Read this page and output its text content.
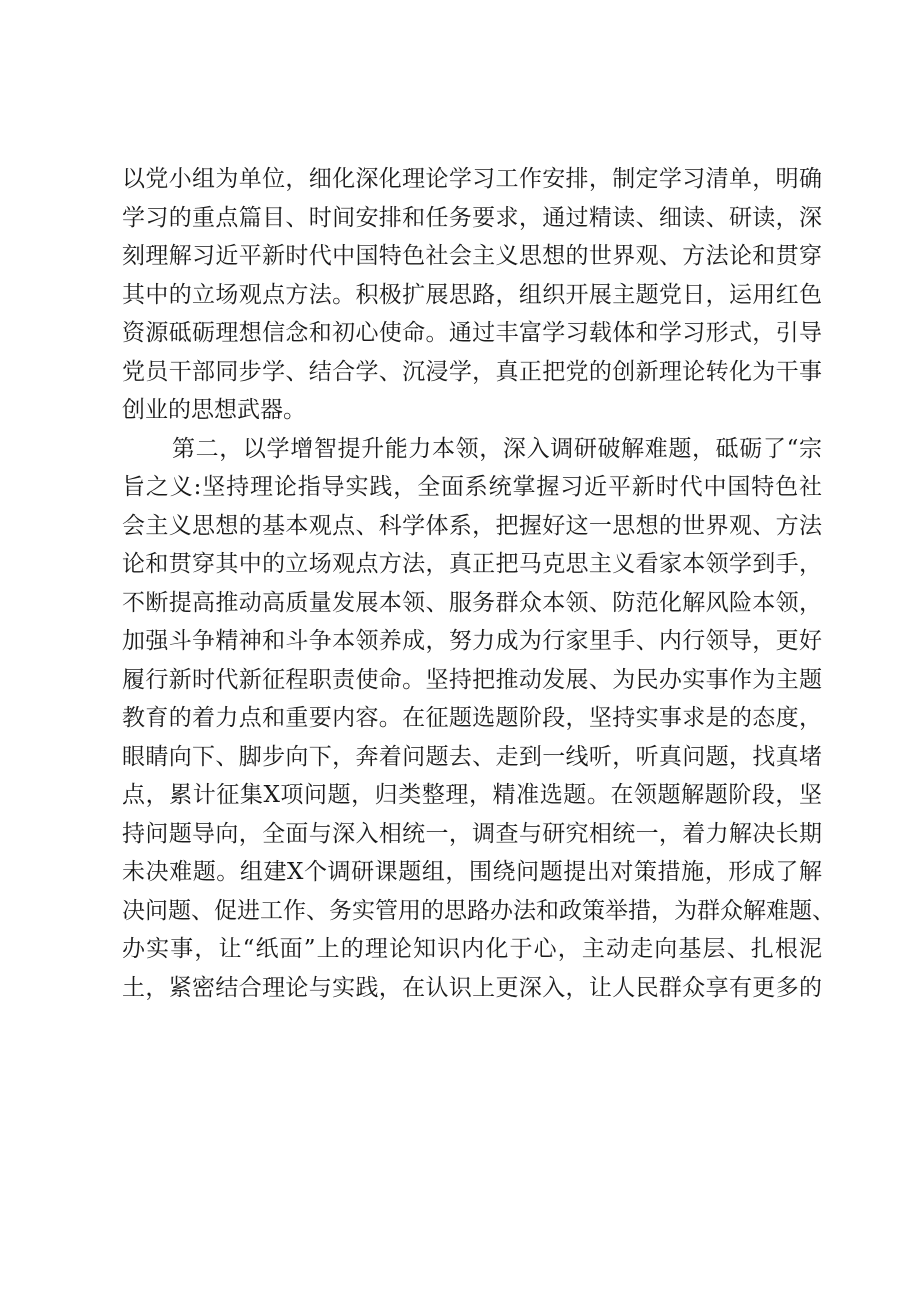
以党小组为单位，细化深化理论学习工作安排，制定学习清单，明确
学习的重点篇目、时间安排和任务要求，通过精读、细读、研读，深
刻理解习近平新时代中国特色社会主义思想的世界观、方法论和贯穿
其中的立场观点方法。积极扩展思路，组织开展主题党日，运用红色
资源砥砺理想信念和初心使命。通过丰富学习载体和学习形式，引导
党员干部同步学、结合学、沉浸学，真正把党的创新理论转化为干事
创业的思想武器。
第二，以学增智提升能力本领，深入调研破解难题，砥砺了“宗
旨之义:坚持理论指导实践，全面系统掌握习近平新时代中国特色社
会主义思想的基本观点、科学体系，把握好这一思想的世界观、方法
论和贯穿其中的立场观点方法，真正把马克思主义看家本领学到手，
不断提高推动高质量发展本领、服务群众本领、防范化解风险本领，
加强斗争精神和斗争本领养成，努力成为行家里手、内行领导，更好
履行新时代新征程职责使命。坚持把推动发展、为民办实事作为主题
教育的着力点和重要内容。在征题选题阶段，坚持实事求是的态度，
眼睛向下、脚步向下，奔着问题去、走到一线听，听真问题，找真堵
点，累计征集X项问题，归类整理，精准选题。在领题解题阶段，坚
持问题导向，全面与深入相统一，调查与研究相统一，着力解决长期
未决难题。组建X个调研课题组，围绕问题提出对策措施，形成了解
决问题、促进工作、务实管用的思路办法和政策举措，为群众解难题、
办实事，让“纸面”上的理论知识内化于心，主动走向基层、扎根泥
土，紧密结合理论与实践，在认识上更深入，让人民群众享有更多的
